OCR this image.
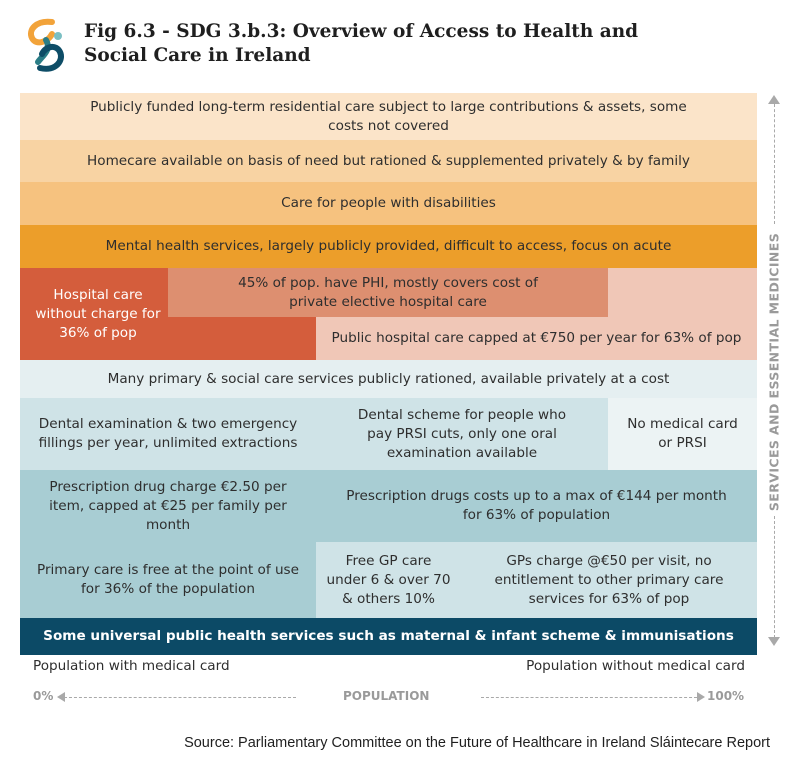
Fig 6.3 - SDG 3.b.3: Overview of Access to Health and
Social Care in Ireland
Publicly funded long-term residential care subject to large contributions & assets, some costs not covered
Homecare available on basis of need but rationed & supplemented privately & by family
Care for people with disabilities
Mental health services, largely publicly provided, difficult to access, focus on acute
Hospital care without charge for 36% of pop
45% of pop. have PHI, mostly covers cost of private elective hospital care
Public hospital care capped at €750 per year for 63% of pop
Many primary & social care services publicly rationed, available privately at a cost
Dental examination & two emergency fillings per year, unlimited extractions
Dental scheme for people who pay PRSI cuts, only one oral examination available
No medical card or PRSI
Prescription drug charge €2.50 per item, capped at €25 per family per month
Prescription drugs costs up to a max of €144 per month for 63% of population
Primary care is free at the point of use for 36% of the population
Free GP care under 6 & over 70 & others 10%
GPs charge @€50 per visit, no entitlement to other primary care services for 63% of pop
Some universal public health services such as maternal & infant scheme & immunisations
SERVICES AND ESSENTIAL MEDICINES
Population with medical card	Population without medical card
0%	POPULATION	100%
Source: Parliamentary Committee on the Future of Healthcare in Ireland Sláintecare Report
